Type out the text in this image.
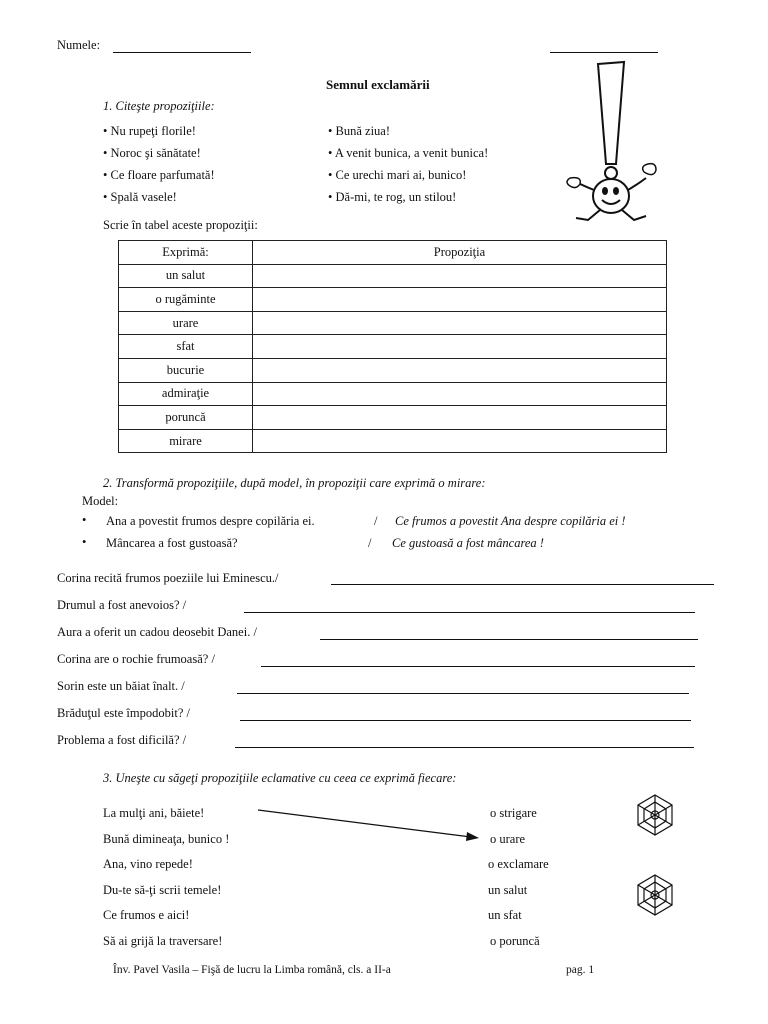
Numele:
Semnul exclamării
1. Citeşte propoziţiile:
• Nu rupeţi florile!
• Noroc şi sănătate!
• Ce floare parfumată!
• Spală vasele!
• Bună ziua!
• A venit bunica, a venit bunica!
• Ce urechi mari ai, bunico!
• Dă-mi, te rog, un stilou!
Scrie în tabel aceste propoziţii:
Exprimă:	Propoziţia
un salut	
o rugăminte	
urare	
sfat	
bucurie	
admiraţie	
poruncă	
mirare	
2. Transformă propoziţiile, după model, în propoziţii care exprimă o mirare:
Model:
• Ana a povestit frumos despre copilăria ei.	/ Ce frumos a povestit Ana despre copilăria ei !
• Mâncarea a fost gustoasă?	/ Ce gustoasă a fost mâncarea !
Corina recită frumos poeziile lui Eminescu./
Drumul a fost anevoios? /
Aura a oferit un cadou deosebit Danei. /
Corina are o rochie frumoasă? /
Sorin este un băiat înalt. /
Brăduţul este împodobit? /
Problema a fost dificilă? /
3. Uneşte cu săgeţi propoziţiile eclamative cu ceea ce exprimă fiecare:
La mulţi ani, băiete!
Bună dimineaţa, bunico !
Ana, vino repede!
Du-te să-ţi scrii temele!
Ce frumos e aici!
Să ai grijă la traversare!
o strigare
o urare
o exclamare
un salut
un sfat
o poruncă
Înv. Pavel Vasila – Fişă de lucru la Limba română, cls. a II-a	pag. 1
